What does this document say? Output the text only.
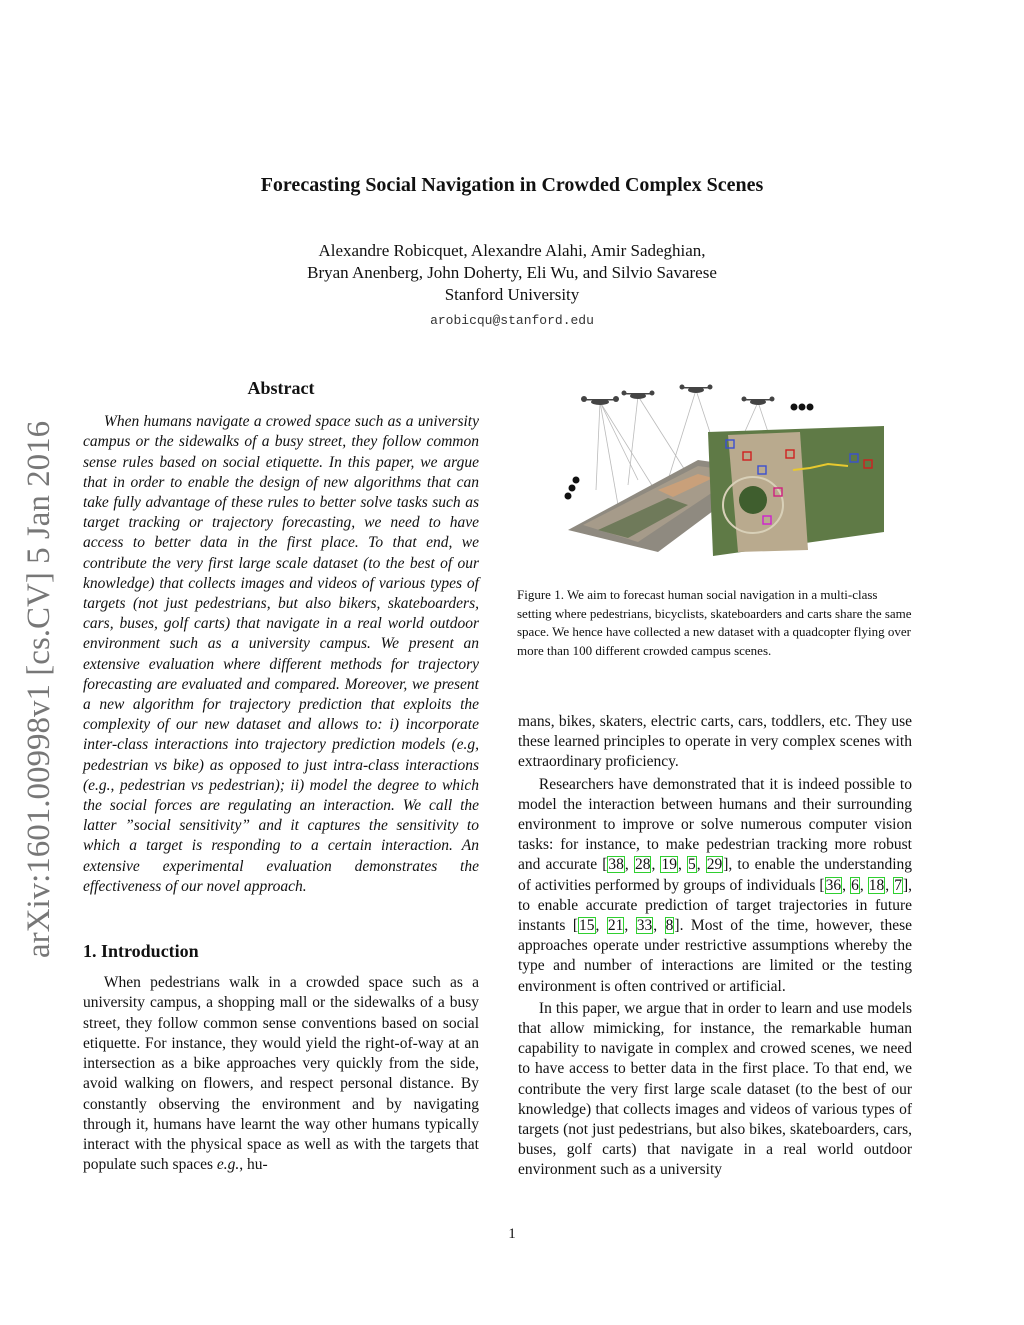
Forecasting Social Navigation in Crowded Complex Scenes
Alexandre Robicquet, Alexandre Alahi, Amir Sadeghian,
Bryan Anenberg, John Doherty, Eli Wu, and Silvio Savarese
Stanford University
arobicqu@stanford.edu
arXiv:1601.00998v1 [cs.CV] 5 Jan 2016
Abstract

When humans navigate a crowed space such as a university campus or the sidewalks of a busy street, they follow common sense rules based on social etiquette. In this paper, we argue that in order to enable the design of new algorithms that can take fully advantage of these rules to better solve tasks such as target tracking or trajectory forecasting, we need to have access to better data in the first place. To that end, we contribute the very first large scale dataset (to the best of our knowledge) that collects images and videos of various types of targets (not just pedestrians, but also bikers, skateboarders, cars, buses, golf carts) that navigate in a real world outdoor environment such as a university campus. We present an extensive evaluation where different methods for trajectory forecasting are evaluated and compared. Moreover, we present a new algorithm for trajectory prediction that exploits the complexity of our new dataset and allows to: i) incorporate inter-class interactions into trajectory prediction models (e.g, pedestrian vs bike) as opposed to just intra-class interactions (e.g., pedestrian vs pedestrian); ii) model the degree to which the social forces are regulating an interaction. We call the latter ”social sensitivity” and it captures the sensitivity to which a target is responding to a certain interaction. An extensive experimental evaluation demonstrates the effectiveness of our novel approach.

1. Introduction

When pedestrians walk in a crowded space such as a university campus, a shopping mall or the sidewalks of a busy street, they follow common sense conventions based on social etiquette. For instance, they would yield the right-of-way at an intersection as a bike approaches very quickly from the side, avoid walking on flowers, and respect personal distance. By constantly observing the environment and by navigating through it, humans have learnt the way other humans typically interact with the physical space as well as with the targets that populate such spaces e.g., hu-

Figure 1. We aim to forecast human social navigation in a multi-class setting where pedestrians, bicyclists, skateboarders and carts share the same space. We hence have collected a new dataset with a quadcopter flying over more than 100 different crowded campus scenes.

mans, bikes, skaters, electric carts, cars, toddlers, etc. They use these learned principles to operate in very complex scenes with extraordinary proficiency.

Researchers have demonstrated that it is indeed possible to model the interaction between humans and their surrounding environment to improve or solve numerous computer vision tasks: for instance, to make pedestrian tracking more robust and accurate [38, 28, 19, 5, 29], to enable the understanding of activities performed by groups of individuals [36, 6, 18, 7], to enable accurate prediction of target trajectories in future instants [15, 21, 33, 8]. Most of the time, however, these approaches operate under restrictive assumptions whereby the type and number of interactions are limited or the testing environment is often contrived or artificial.

In this paper, we argue that in order to learn and use models that allow mimicking, for instance, the remarkable human capability to navigate in complex and crowed scenes, we need to have access to better data in the first place. To that end, we contribute the very first large scale dataset (to the best of our knowledge) that collects images and videos of various types of targets (not just pedestrians, but also bikes, skateboarders, cars, buses, golf carts) that navigate in a real world outdoor environment such as a university

1
